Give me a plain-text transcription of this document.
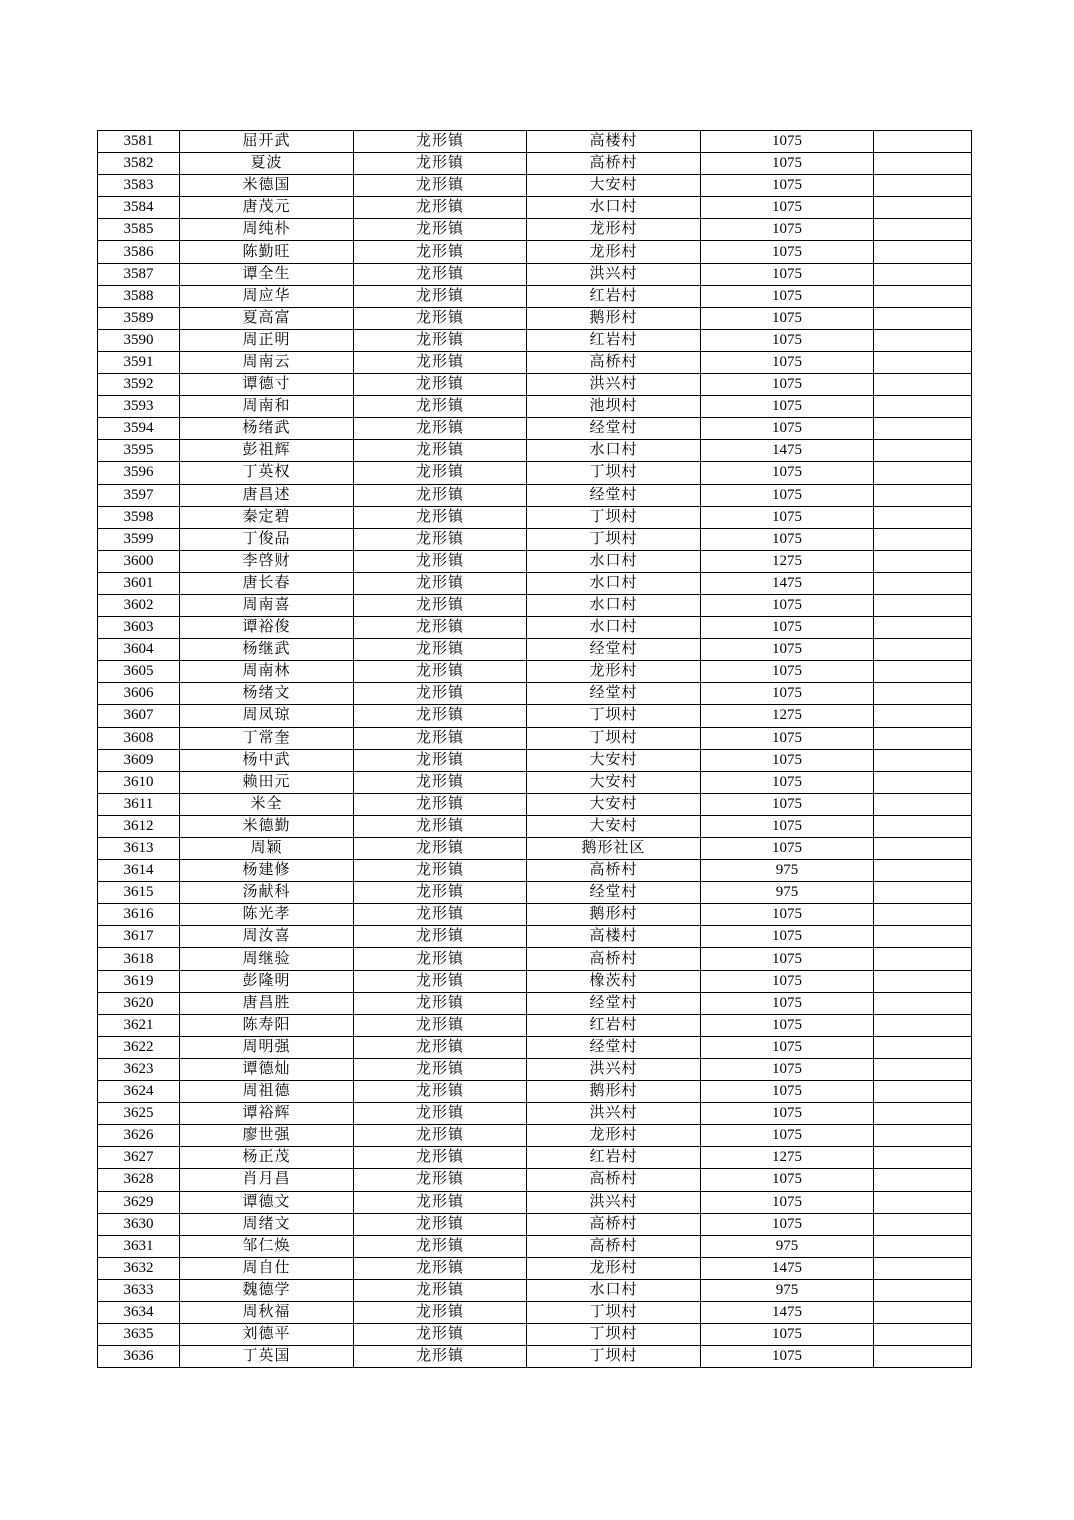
3581	屈开武	龙形镇	高楼村	1075	
3582	夏波	龙形镇	高桥村	1075	
3583	米德国	龙形镇	大安村	1075	
3584	唐茂元	龙形镇	水口村	1075	
3585	周纯朴	龙形镇	龙形村	1075	
3586	陈勤旺	龙形镇	龙形村	1075	
3587	谭全生	龙形镇	洪兴村	1075	
3588	周应华	龙形镇	红岩村	1075	
3589	夏高富	龙形镇	鹅形村	1075	
3590	周正明	龙形镇	红岩村	1075	
3591	周南云	龙形镇	高桥村	1075	
3592	谭德寸	龙形镇	洪兴村	1075	
3593	周南和	龙形镇	池坝村	1075	
3594	杨绪武	龙形镇	经堂村	1075	
3595	彭祖辉	龙形镇	水口村	1475	
3596	丁英权	龙形镇	丁坝村	1075	
3597	唐昌述	龙形镇	经堂村	1075	
3598	秦定碧	龙形镇	丁坝村	1075	
3599	丁俊品	龙形镇	丁坝村	1075	
3600	李啓财	龙形镇	水口村	1275	
3601	唐长春	龙形镇	水口村	1475	
3602	周南喜	龙形镇	水口村	1075	
3603	谭裕俊	龙形镇	水口村	1075	
3604	杨继武	龙形镇	经堂村	1075	
3605	周南林	龙形镇	龙形村	1075	
3606	杨绪文	龙形镇	经堂村	1075	
3607	周凤琼	龙形镇	丁坝村	1275	
3608	丁常奎	龙形镇	丁坝村	1075	
3609	杨中武	龙形镇	大安村	1075	
3610	赖田元	龙形镇	大安村	1075	
3611	米全	龙形镇	大安村	1075	
3612	米德勤	龙形镇	大安村	1075	
3613	周颖	龙形镇	鹅形社区	1075	
3614	杨建修	龙形镇	高桥村	975	
3615	汤献科	龙形镇	经堂村	975	
3616	陈光孝	龙形镇	鹅形村	1075	
3617	周汝喜	龙形镇	高楼村	1075	
3618	周继验	龙形镇	高桥村	1075	
3619	彭隆明	龙形镇	橡茨村	1075	
3620	唐昌胜	龙形镇	经堂村	1075	
3621	陈寿阳	龙形镇	红岩村	1075	
3622	周明强	龙形镇	经堂村	1075	
3623	谭德灿	龙形镇	洪兴村	1075	
3624	周祖德	龙形镇	鹅形村	1075	
3625	谭裕辉	龙形镇	洪兴村	1075	
3626	廖世强	龙形镇	龙形村	1075	
3627	杨正茂	龙形镇	红岩村	1275	
3628	肖月昌	龙形镇	高桥村	1075	
3629	谭德文	龙形镇	洪兴村	1075	
3630	周绪文	龙形镇	高桥村	1075	
3631	邹仁焕	龙形镇	高桥村	975	
3632	周自仕	龙形镇	龙形村	1475	
3633	魏德学	龙形镇	水口村	975	
3634	周秋福	龙形镇	丁坝村	1475	
3635	刘德平	龙形镇	丁坝村	1075	
3636	丁英国	龙形镇	丁坝村	1075	
